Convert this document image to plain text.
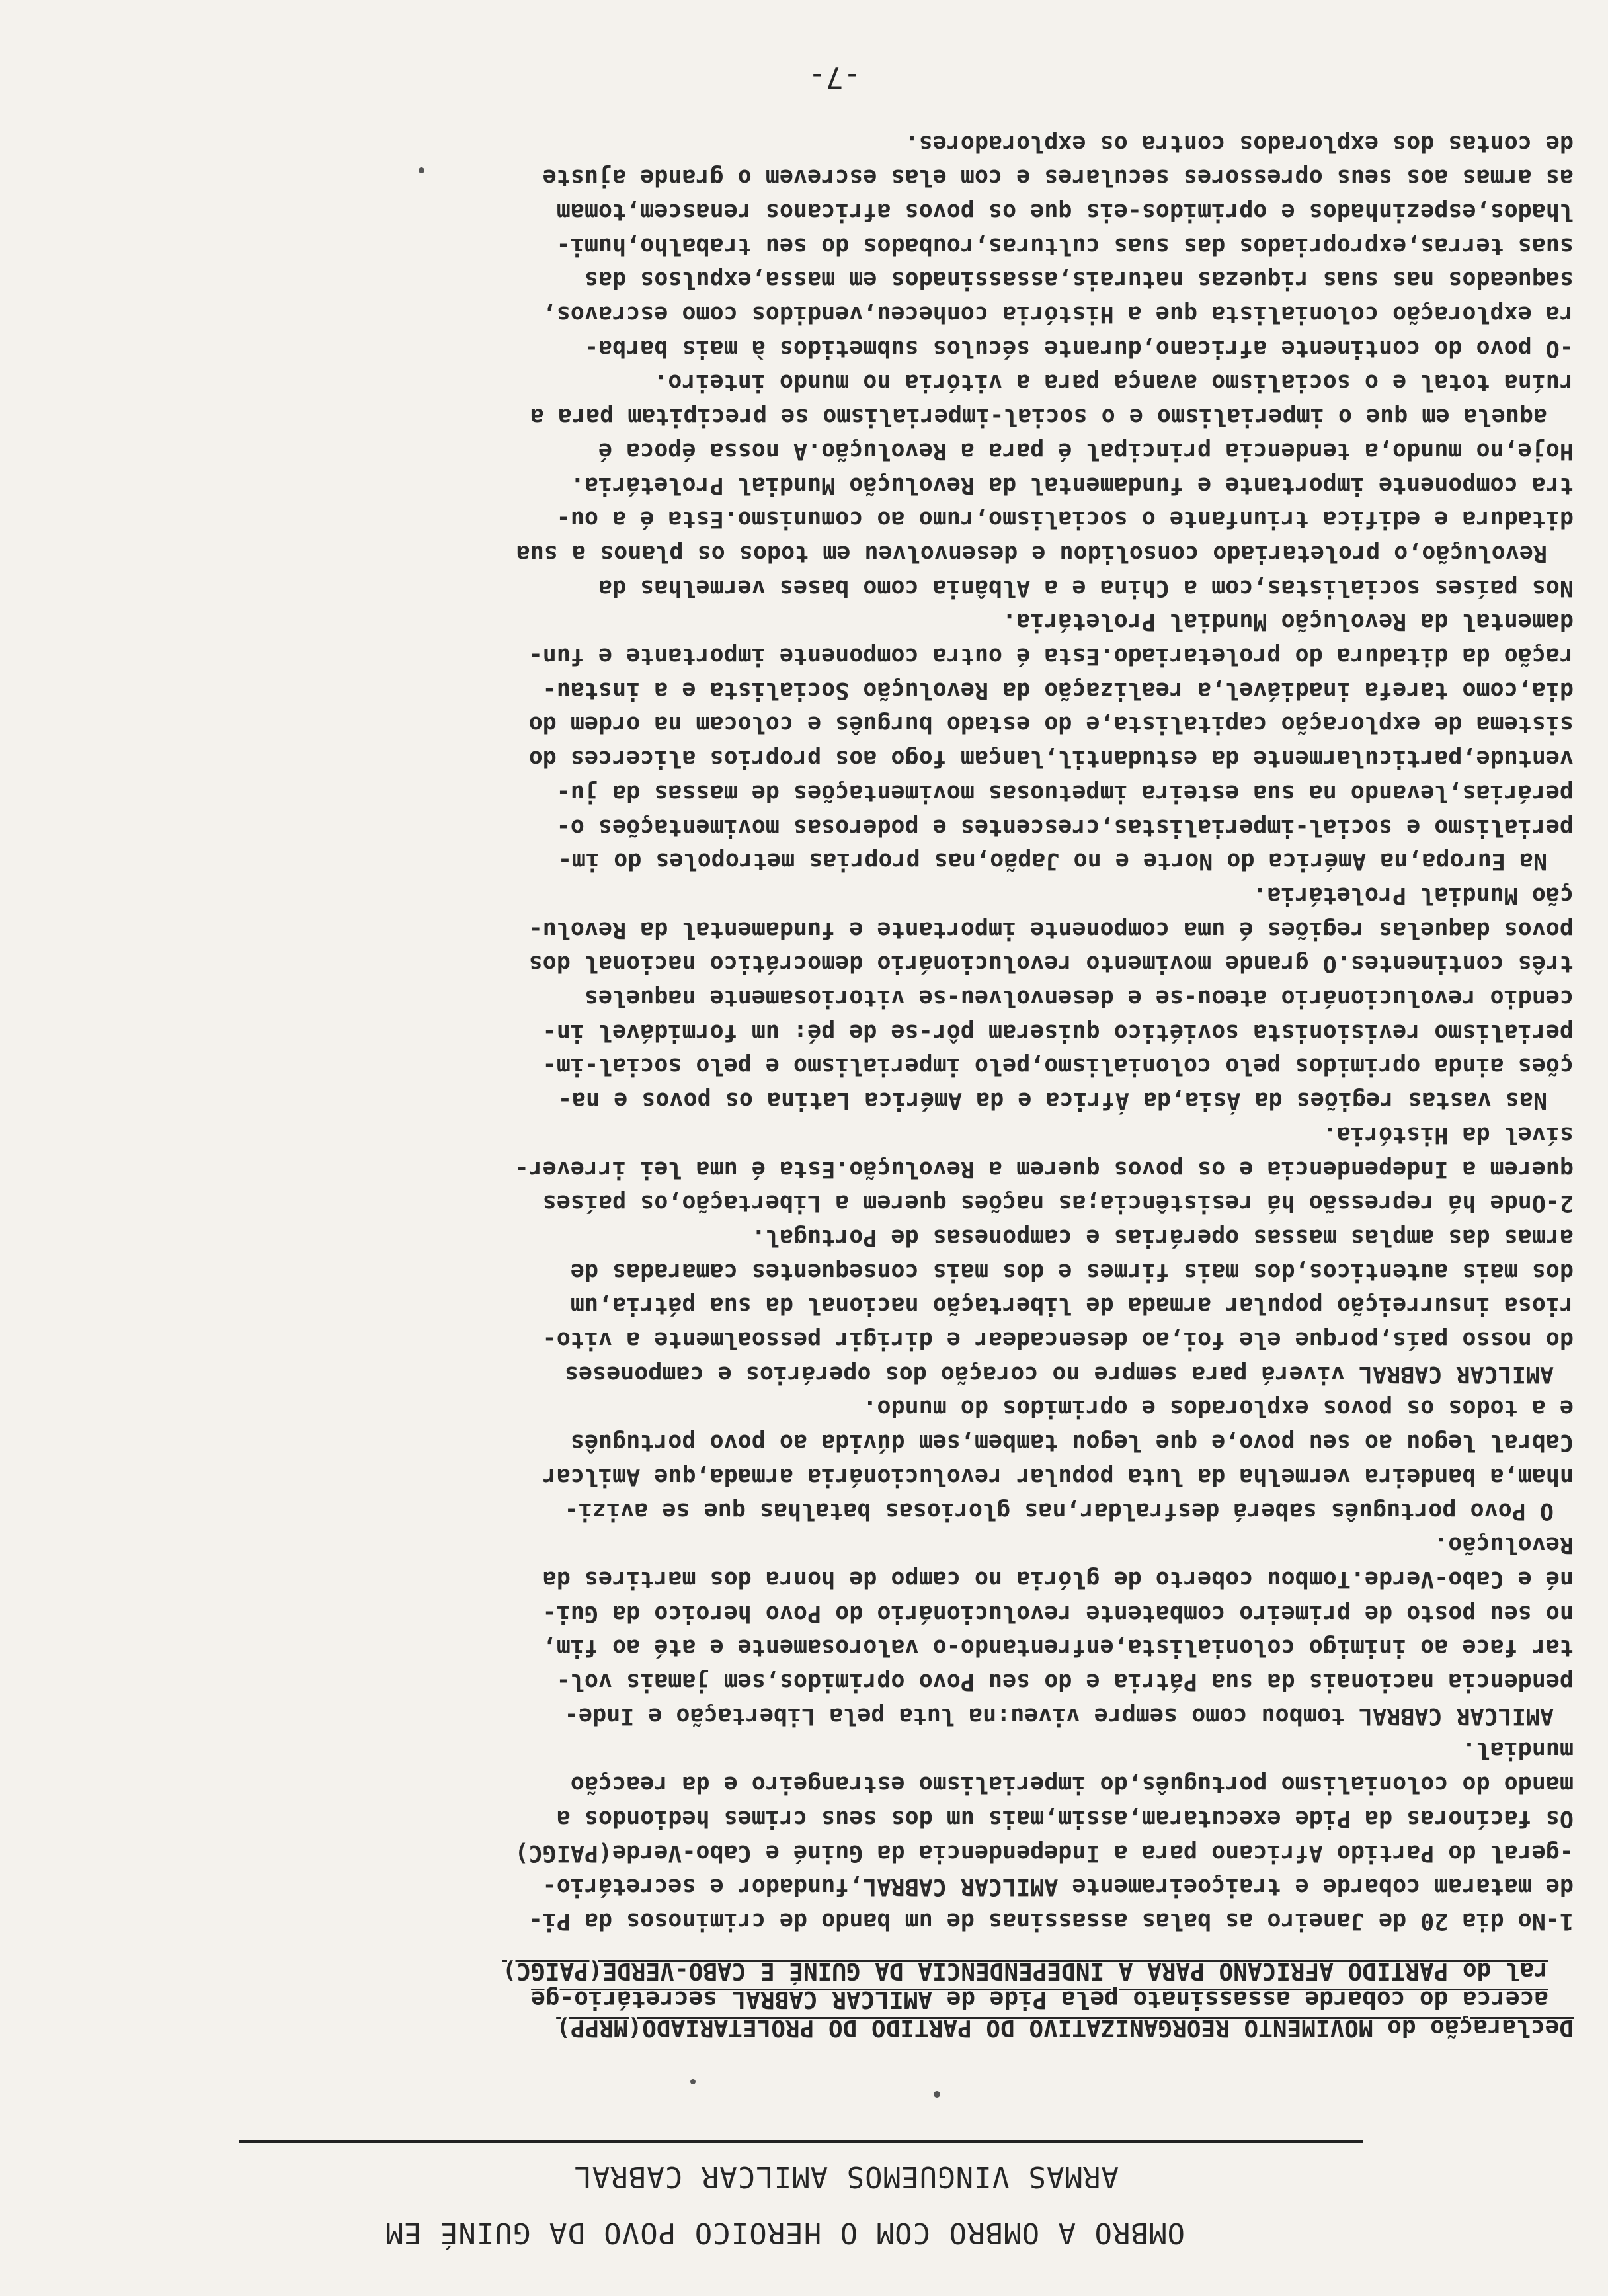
OMBRO A OMBRO COM O HEROICO POVO DA GUINÉ EM
ARMAS VINGUEMOS AMILCAR CABRAL
Declaração do MOVIMENTO REORGANIZATIVO DO PARTIDO DO PROLETARIADO(MRPP)
acerca do cobarde assassinato pela Pide de AMILCAR CABRAL secretário-ge
ral do PARTIDO AFRICANO PARA A INDEPENDENCIA DA GUINÉ E CABO-VERDE(PAIGC)
1-No dia 20 de Janeiro as balas assassinas de um bando de criminosos da Pi-
de mataram cobarde e traiçoeiramente AMILCAR CABRAL,fundador e secretário-
-geral do Partido Africano para a Independencia da Guiné e Cabo-Verde(PAIGC)
Os facínoras da Pide executaram,assim,mais um dos seus crimes hediondos a
mando do colonialismo português,do imperialismo estrangeiro e da reacção
mundial.
AMILCAR CABRAL tombou como sempre viveu:na luta pela Libertação e Inde-
pendencia nacionais da sua Pátria e do seu Povo oprimidos,sem jamais vol-
tar face ao inimigo colonialista,enfrentando-o valorosamente e até ao fim,
no seu posto de primeiro combatente revolucionário do Povo heroico da Gui-
né e Cabo-Verde.Tombou coberto de glória no campo de honra dos martires da
Revolução.
O Povo português saberá desfraldar,nas gloriosas batalhas que se avizi-
nham,a bandeira vermelha da luta popular revolucionária armada,que Amilcar
Cabral legou ao seu povo,e que legou tambem,sem dúvida ao povo português
e a todos os povos explorados e oprimidos do mundo.
AMILCAR CABRAL viverá para sempre no coração dos operários e camponeses
do nosso país,porque ele foi,ao desencadear e dirigir pessoalmente a vito-
riosa insurreição popular armada de libertação nacional da sua pátria,um
dos mais autenticos,dos mais firmes e dos mais consequentes camaradas de
armas das amplas massas operárias e camponesas de Portugal.
2-Onde há repressão há resistência;as nações querem a Libertação,os países
querem a Independencia e os povos querem a Revolução.Esta é uma lei irrever-
sível da História.
Nas vastas regiões da Ásia,da África e da América Latina os povos e na-
ções ainda oprimidos pelo colonialismo,pelo imperialismo e pelo social-im-
perialismo revisionista soviético quiseram pôr-se de pé: um formidável in-
cendio revolucionário ateou-se e desenvolveu-se vitoriosamente naqueles
três continentes.O grande movimento revolucionário democrático nacional dos
povos daquelas regiões é uma componente importante e fundamental da Revolu-
ção Mundial Proletária.
Na Europa,na América do Norte e no Japão,nas proprias metropoles do im-
perialismo e social-imperialistas,crescentes e poderosas movimentações o-
perárias,levando na sua esteira impetuosas movimentações de massas da ju-
ventude,particularmente da estudantil,lançam fogo aos proprios alicerces do
sistema de exploração capitalista,e do estado burguês e colocam na ordem do
dia,como tarefa inadiável,a realização da Revolução Socialista e a instau-
ração da ditadura do proletariado.Esta é outra componente importante e fun-
damental da Revolução Mundial Proletária.
Nos países socialistas,com a China e a Albânia como bases vermelhas da
Revolução,o proletariado consolidou e desenvolveu em todos os planos a sua
ditadura e edifica triunfante o socialismo,rumo ao comunismo.Esta é a ou-
tra componente importante e fundamental da Revolução Mundial Proletária.
Hoje,no mundo,a tendencia principal é para a Revolução.A nossa época é
aquela em que o imperialismo e o social-imperialismo se precipitam para a
ruína total e o socialismo avança para a vitória no mundo inteiro.
-O povo do continente africano,durante séculos submetidos à mais barba-
ra exploração colonialista que a História conheceu,vendidos como escravos,
saqueados nas suas riquezas naturais,assassinados em massa,expulsos das
suas terras,expropriados das suas culturas,roubados do seu trabalho,humi-
lhados,espezinhados e oprimidos-eis que os povos africanos renascem,tomam
as armas aos seus opressores seculares e com elas escrevem o grande ajuste
de contas dos explorados contra os exploradores.
-7-
